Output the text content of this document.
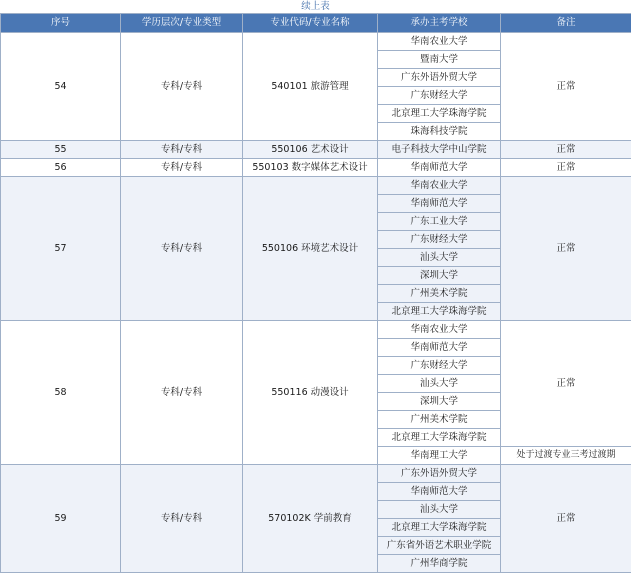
续上表
序号	学历层次/专业类型	专业代码/专业名称	承办主考学校	备注
54	专科/专科	540101 旅游管理	华南农业大学	正常
			暨南大学	
			广东外语外贸大学	
			广东财经大学	
			北京理工大学珠海学院	
			珠海科技学院	
55	专科/专科	550106 艺术设计	电子科技大学中山学院	正常
56	专科/专科	550103 数字媒体艺术设计	华南师范大学	正常
57	专科/专科	550106 环境艺术设计	华南农业大学	正常
			华南师范大学	
			广东工业大学	
			广东财经大学	
			汕头大学	
			深圳大学	
			广州美术学院	
			北京理工大学珠海学院	
58	专科/专科	550116 动漫设计	华南农业大学	正常
			华南师范大学	
			广东财经大学	
			汕头大学	
			深圳大学	
			广州美术学院	
			北京理工大学珠海学院	
			华南理工大学	处于过渡专业三考过渡期
59	专科/专科	570102K 学前教育	广东外语外贸大学	正常
			华南师范大学	
			汕头大学	
			北京理工大学珠海学院	
			广东省外语艺术职业学院	
			广州华商学院	
